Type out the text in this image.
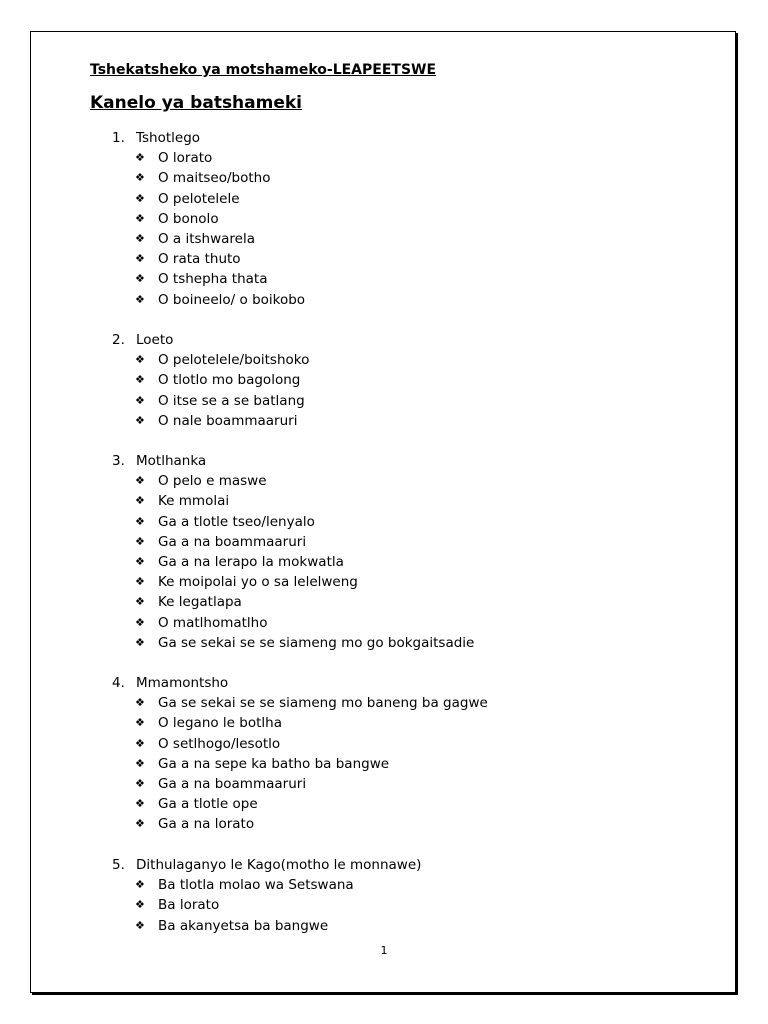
Tshekatsheko ya motshameko-LEAPEETSWE
Kanelo ya batshameki
1. Tshotlego
❖ O lorato
❖ O maitseo/botho
❖ O pelotelele
❖ O bonolo
❖ O a itshwarela
❖ O rata thuto
❖ O tshepha thata
❖ O boineelo/ o boikobo
2. Loeto
❖ O pelotelele/boitshoko
❖ O tlotlo mo bagolong
❖ O itse se a se batlang
❖ O nale boammaaruri
3. Motlhanka
❖ O pelo e maswe
❖ Ke mmolai
❖ Ga a tlotle tseo/lenyalo
❖ Ga a na boammaaruri
❖ Ga a na lerapo la mokwatla
❖ Ke moipolai yo o sa lelelweng
❖ Ke legatlapa
❖ O matlhomatlho
❖ Ga se sekai se se siameng mo go bokgaitsadie
4. Mmamontsho
❖ Ga se sekai se se siameng mo baneng ba gagwe
❖ O legano le botlha
❖ O setlhogo/lesotlo
❖ Ga a na sepe ka batho ba bangwe
❖ Ga a na boammaaruri
❖ Ga a tlotle ope
❖ Ga a na lorato
5. Dithulaganyo le Kago(motho le monnawe)
❖ Ba tlotla molao wa Setswana
❖ Ba lorato
❖ Ba akanyetsa ba bangwe
1
